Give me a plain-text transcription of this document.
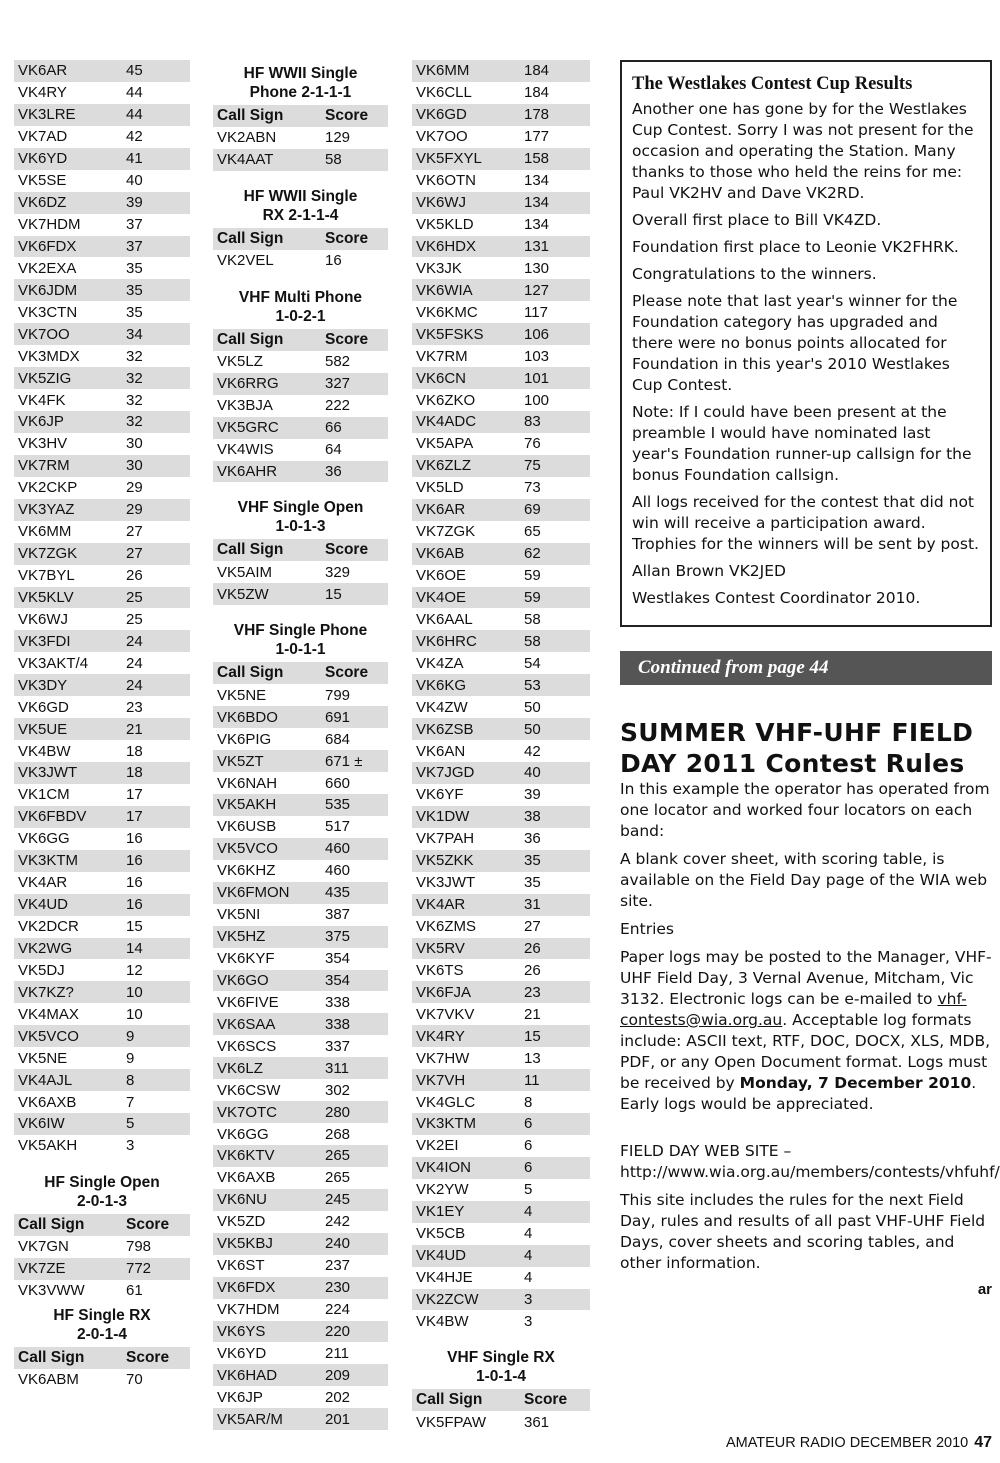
VK6AR	45
VK4RY	44
VK3LRE	44
VK7AD	42
VK6YD	41
VK5SE	40
VK6DZ	39
VK7HDM	37
VK6FDX	37
VK2EXA	35
VK6JDM	35
VK3CTN	35
VK7OO	34
VK3MDX	32
VK5ZIG	32
VK4FK	32
VK6JP	32
VK3HV	30
VK7RM	30
VK2CKP	29
VK3YAZ	29
VK6MM	27
VK7ZGK	27
VK7BYL	26
VK5KLV	25
VK6WJ	25
VK3FDI	24
VK3AKT/4	24
VK3DY	24
VK6GD	23
VK5UE	21
VK4BW	18
VK3JWT	18
VK1CM	17
VK6FBDV	17
VK6GG	16
VK3KTM	16
VK4AR	16
VK4UD	16
VK2DCR	15
VK2WG	14
VK5DJ	12
VK7KZ?	10
VK4MAX	10
VK5VCO	9
VK5NE	9
VK4AJL	8
VK6AXB	7
VK6IW	5
VK5AKH	3
HF Single Open
2-0-1-3
Call Sign	Score
VK7GN	798
VK7ZE	772
VK3VWW	61
HF Single RX
2-0-1-4
Call Sign	Score
VK6ABM	70
HF WWII Single
Phone 2-1-1-1
Call Sign	Score
VK2ABN	129
VK4AAT	58
HF WWII Single
RX 2-1-1-4
Call Sign	Score
VK2VEL	16
VHF Multi Phone
1-0-2-1
Call Sign	Score
VK5LZ	582
VK6RRG	327
VK3BJA	222
VK5GRC	66
VK4WIS	64
VK6AHR	36
VHF Single Open
1-0-1-3
Call Sign	Score
VK5AIM	329
VK5ZW	15
VHF Single Phone
1-0-1-1
Call Sign	Score
VK5NE	799
VK6BDO	691
VK6PIG	684
VK5ZT	671 ±
VK6NAH	660
VK5AKH	535
VK6USB	517
VK5VCO	460
VK6KHZ	460
VK6FMON	435
VK5NI	387
VK5HZ	375
VK6KYF	354
VK6GO	354
VK6FIVE	338
VK6SAA	338
VK6SCS	337
VK6LZ	311
VK6CSW	302
VK7OTC	280
VK6GG	268
VK6KTV	265
VK6AXB	265
VK6NU	245
VK5ZD	242
VK5KBJ	240
VK6ST	237
VK6FDX	230
VK7HDM	224
VK6YS	220
VK6YD	211
VK6HAD	209
VK6JP	202
VK5AR/M	201
VK6MM	184
VK6CLL	184
VK6GD	178
VK7OO	177
VK5FXYL	158
VK6OTN	134
VK6WJ	134
VK5KLD	134
VK6HDX	131
VK3JK	130
VK6WIA	127
VK6KMC	117
VK5FSKS	106
VK7RM	103
VK6CN	101
VK6ZKO	100
VK4ADC	83
VK5APA	76
VK6ZLZ	75
VK5LD	73
VK6AR	69
VK7ZGK	65
VK6AB	62
VK6OE	59
VK4OE	59
VK6AAL	58
VK6HRC	58
VK4ZA	54
VK6KG	53
VK4ZW	50
VK6ZSB	50
VK6AN	42
VK7JGD	40
VK6YF	39
VK1DW	38
VK7PAH	36
VK5ZKK	35
VK3JWT	35
VK4AR	31
VK6ZMS	27
VK5RV	26
VK6TS	26
VK6FJA	23
VK7VKV	21
VK4RY	15
VK7HW	13
VK7VH	11
VK4GLC	8
VK3KTM	6
VK2EI	6
VK4ION	6
VK2YW	5
VK1EY	4
VK5CB	4
VK4UD	4
VK4HJE	4
VK2ZCW	3
VK4BW	3
VHF Single RX
1-0-1-4
Call Sign	Score
VK5FPAW	361
The Westlakes Contest Cup Results

Another one has gone by for the Westlakes Cup Contest. Sorry I was not present for the occasion and operating the Station. Many thanks to those who held the reins for me: Paul VK2HV and Dave VK2RD.

Overall first place to Bill VK4ZD.

Foundation first place to Leonie VK2FHRK.

Congratulations to the winners.

Please note that last year's winner for the Foundation category has upgraded and there were no bonus points allocated for Foundation in this year's 2010 Westlakes Cup Contest.

Note: If I could have been present at the preamble I would have nominated last year's Foundation runner-up callsign for the bonus Foundation callsign.

All logs received for the contest that did not win will receive a participation award. Trophies for the winners will be sent by post.

Allan Brown VK2JED

Westlakes Contest Coordinator 2010.

Continued from page 44
SUMMER VHF-UHF FIELD DAY 2011 Contest Rules

In this example the operator has operated from one locator and worked four locators on each band:

A blank cover sheet, with scoring table, is available on the Field Day page of the WIA web site.

Entries

Paper logs may be posted to the Manager, VHF-UHF Field Day, 3 Vernal Avenue, Mitcham, Vic 3132. Electronic logs can be e-mailed to vhf-contests@wia.org.au. Acceptable log formats include: ASCII text, RTF, DOC, DOCX, XLS, MDB, PDF, or any Open Document format. Logs must be received by Monday, 7 December 2010. Early logs would be appreciated.

FIELD DAY WEB SITE – http://www.wia.org.au/members/contests/vhfuhf/

This site includes the rules for the next Field Day, rules and results of all past VHF-UHF Field Days, cover sheets and scoring tables, and other information.

ar
AMATEUR RADIO DECEMBER 2010 47
